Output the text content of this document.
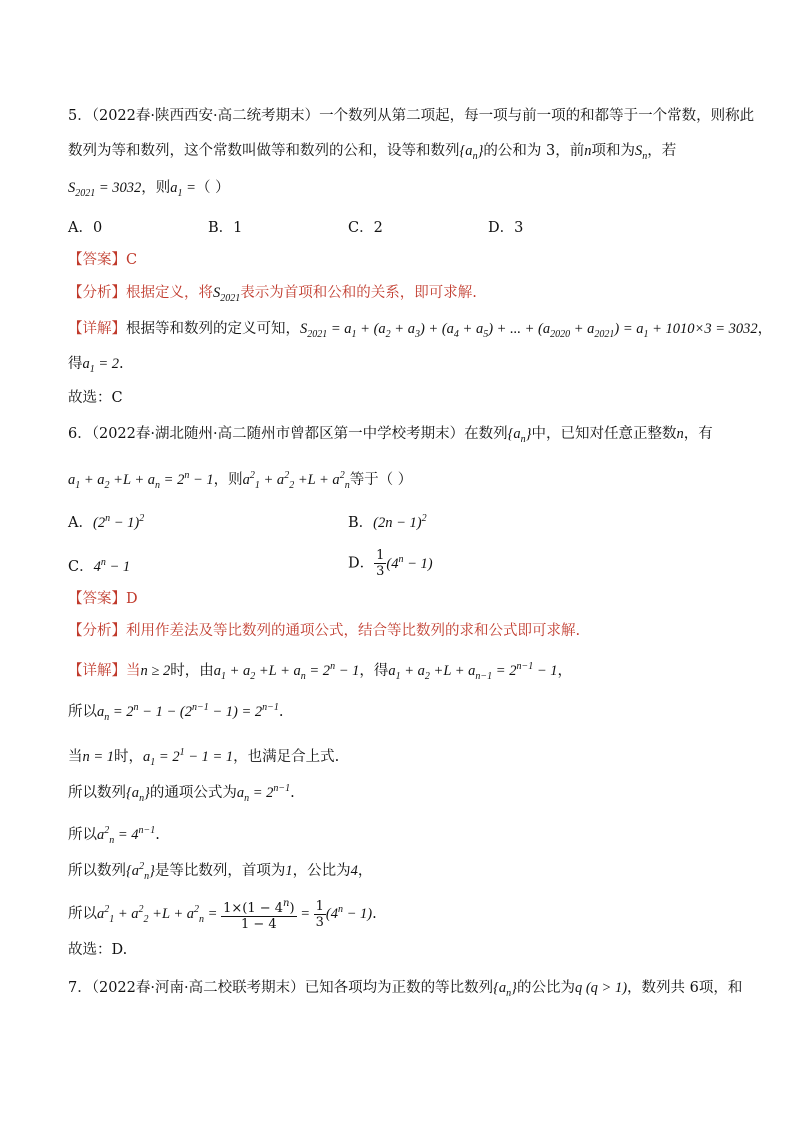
5．（2022春·陕西西安·高二统考期末）一个数列从第二项起，每一项与前一项的和都等于一个常数，则称此
数列为等和数列，这个常数叫做等和数列的公和，设等和数列$\{a_n\}$的公和为 3，前n项和为$S_n$，若
$S_{2021} = 3032$，则$a_1$ =（ ）
A．0	B．1	C．2	D．3
【答案】C
【分析】根据定义，将$S_{2021}$表示为首项和公和的关系，即可求解.
【详解】根据等和数列的定义可知，$S_{2021} = a_1 + (a_2 + a_3) + (a_4 + a_5)$ + ... + $(a_{2020} + a_{2021}) = a_1 + 1010\times 3 = 3032$，
得$a_1 = 2$.
故选：C
6．（2022春·湖北随州·高二随州市曾都区第一中学校考期末）在数列$\{a_n\}$中，已知对任意正整数n，有
$a_1 + a_2 +L + a_n = 2^n - 1$，则$a^2_1 + a^2_2 +L + a^2_n$等于（ ）
A．$(2^n - 1)^2$	B．$(2n - 1)^2$
C．$4^n - 1$	D． $\frac{1}{3} (4^n - 1)$
【答案】D
【分析】利用作差法及等比数列的通项公式，结合等比数列的求和公式即可求解.
【详解】当n ≥ 2时，由$a_1 + a_2 +L + a_n = 2^n - 1$，得$a_1 + a_2 +L + a_{n-1} = 2^{n-1} - 1$，
所以$a_n = 2^n - 1 - (2^{n-1} - 1) = 2^{n-1}$.
当n = 1时，$a_1 = 2^1 - 1 = 1$，也满足合上式.
所以数列$\{a_n\}$的通项公式为$a_n = 2^{n-1}$.
所以$a^2_n = 4^{n-1}$.
所以数列$\{a^2_n\}$是等比数列，首项为1，公比为4，
所以$a^2_1 + a^2_2 +L + a^2_n = \frac{1\times(1 - 4^n)}{1 - 4} = \frac{1}{3} (4^n - 1)$.
故选：D.
7．（2022春·河南·高二校联考期末）已知各项均为正数的等比数列$\{a_n\}$的公比为q (q > 1)，数列共 6项，和
